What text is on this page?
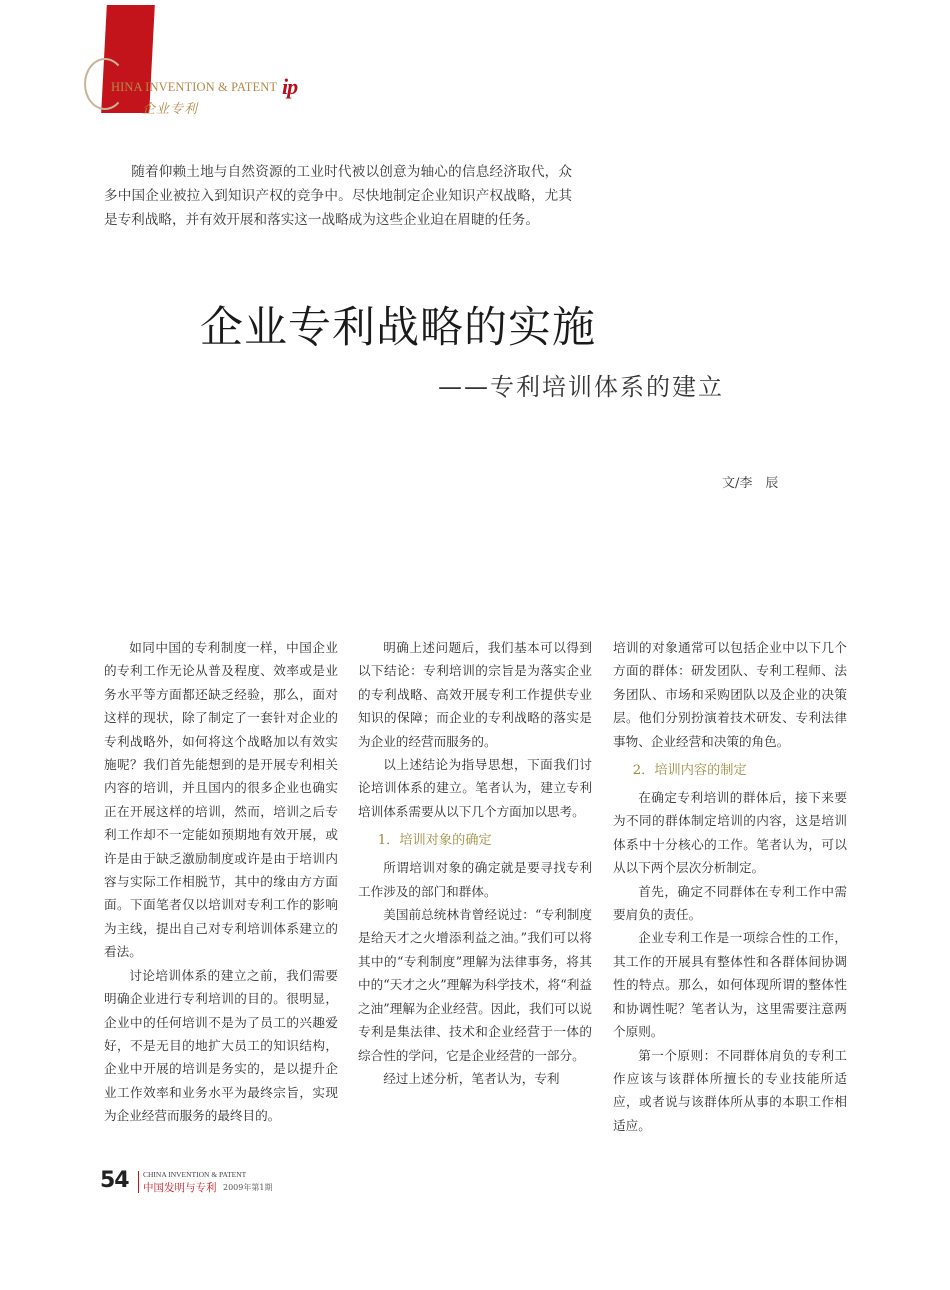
HINA INVENTION & PATENT ip
企业专利
随着仰赖土地与自然资源的工业时代被以创意为轴心的信息经济取代，众多中国企业被拉入到知识产权的竞争中。尽快地制定企业知识产权战略，尤其是专利战略，并有效开展和落实这一战略成为这些企业迫在眉睫的任务。
企业专利战略的实施
——专利培训体系的建立
文/李　辰

如同中国的专利制度一样，中国企业的专利工作无论从普及程度、效率或是业务水平等方面都还缺乏经验，那么，面对这样的现状，除了制定了一套针对企业的专利战略外，如何将这个战略加以有效实施呢？我们首先能想到的是开展专利相关内容的培训，并且国内的很多企业也确实正在开展这样的培训，然而，培训之后专利工作却不一定能如预期地有效开展，或许是由于缺乏激励制度或许是由于培训内容与实际工作相脱节，其中的缘由方方面面。下面笔者仅以培训对专利工作的影响为主线，提出自己对专利培训体系建立的看法。

讨论培训体系的建立之前，我们需要明确企业进行专利培训的目的。很明显，企业中的任何培训不是为了员工的兴趣爱好，不是无目的地扩大员工的知识结构，企业中开展的培训是务实的，是以提升企业工作效率和业务水平为最终宗旨，实现为企业经营而服务的最终目的。

明确上述问题后，我们基本可以得到以下结论：专利培训的宗旨是为落实企业的专利战略、高效开展专利工作提供专业知识的保障；而企业的专利战略的落实是为企业的经营而服务的。

以上述结论为指导思想，下面我们讨论培训体系的建立。笔者认为，建立专利培训体系需要从以下几个方面加以思考。

1．培训对象的确定

所谓培训对象的确定就是要寻找专利工作涉及的部门和群体。

美国前总统林肯曾经说过：“专利制度是给天才之火增添利益之油。”我们可以将其中的“专利制度”理解为法律事务，将其中的“天才之火”理解为科学技术，将“利益之油”理解为企业经营。因此，我们可以说专利是集法律、技术和企业经营于一体的综合性的学问，它是企业经营的一部分。

经过上述分析，笔者认为，专利

培训的对象通常可以包括企业中以下几个方面的群体：研发团队、专利工程师、法务团队、市场和采购团队以及企业的决策层。他们分别扮演着技术研发、专利法律事物、企业经营和决策的角色。

2．培训内容的制定

在确定专利培训的群体后，接下来要为不同的群体制定培训的内容，这是培训体系中十分核心的工作。笔者认为，可以从以下两个层次分析制定。

首先，确定不同群体在专利工作中需要肩负的责任。

企业专利工作是一项综合性的工作，其工作的开展具有整体性和各群体间协调性的特点。那么，如何体现所谓的整体性和协调性呢？笔者认为，这里需要注意两个原则。

第一个原则：不同群体肩负的专利工作应该与该群体所擅长的专业技能所适应，或者说与该群体所从事的本职工作相适应。

54 CHINA INVENTION & PATENT
中国发明与专利 2009年第1期
